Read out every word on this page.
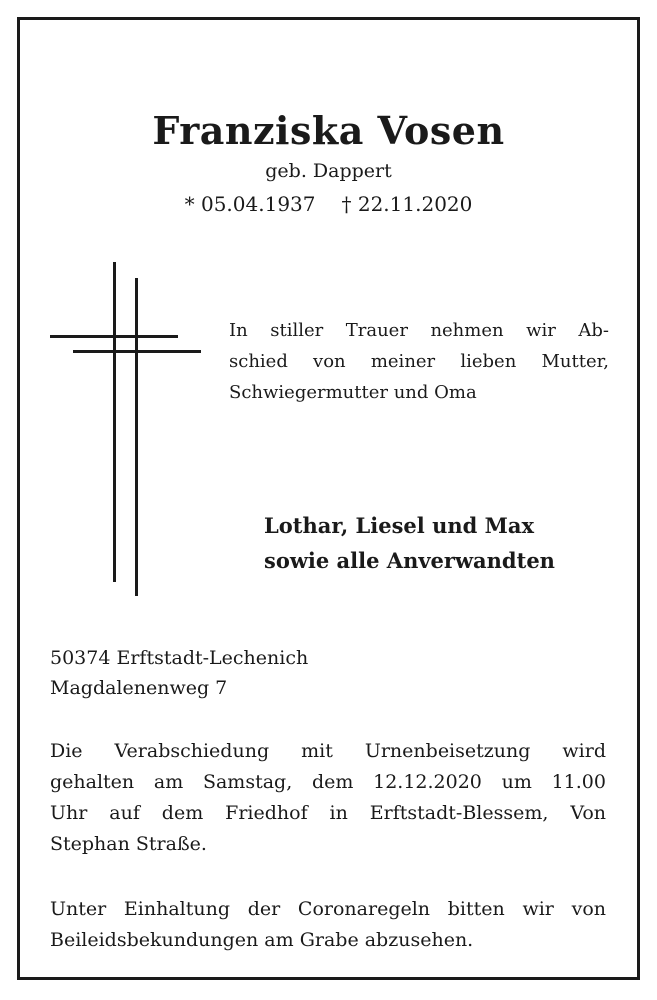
Franziska Vosen
geb. Dappert
* 05.04.1937 † 22.11.2020
In stiller Trauer nehmen wir Ab-
schied von meiner lieben Mutter,
Schwiegermutter und Oma
Lothar, Liesel und Max
sowie alle Anverwandten
50374 Erftstadt-Lechenich
Magdalenenweg 7
Die Verabschiedung mit Urnenbeisetzung wird
gehalten am Samstag, dem 12.12.2020 um 11.00
Uhr auf dem Friedhof in Erftstadt-Blessem, Von
Stephan Straße.
Unter Einhaltung der Coronaregeln bitten wir von
Beileidsbekundungen am Grabe abzusehen.
